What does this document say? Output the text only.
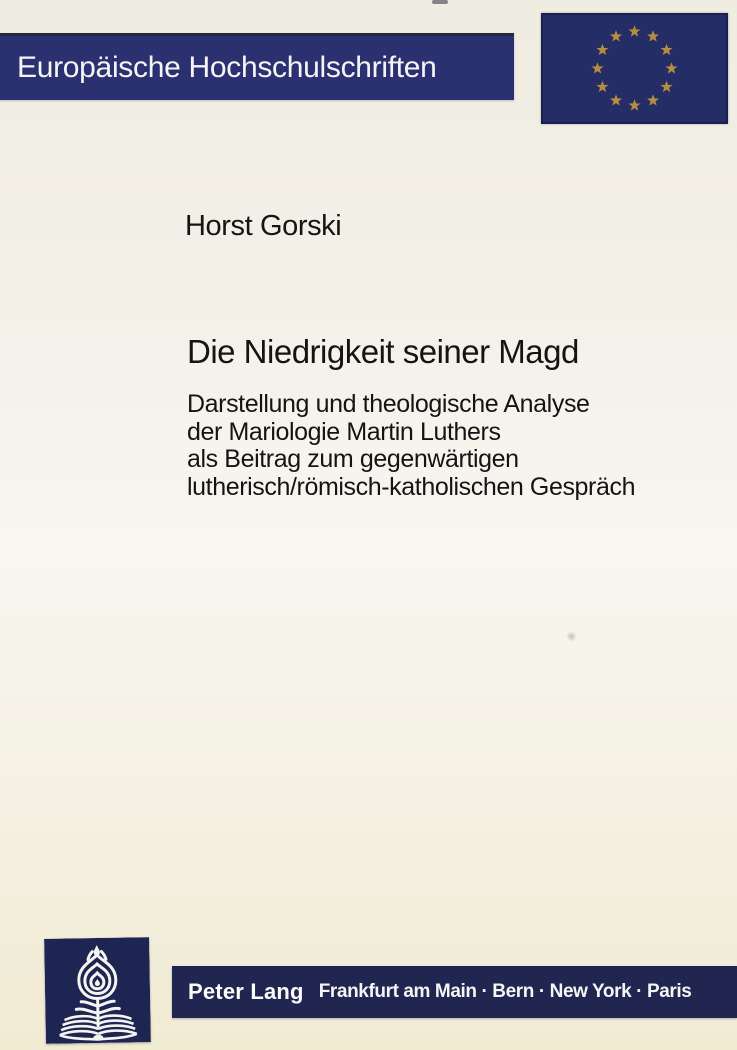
Europäische Hochschulschriften
Horst Gorski
Die Niedrigkeit seiner Magd
Darstellung und theologische Analyse
der Mariologie Martin Luthers
als Beitrag zum gegenwärtigen
lutherisch/römisch-katholischen Gespräch
Peter Lang Frankfurt am Main · Bern · New York · Paris
